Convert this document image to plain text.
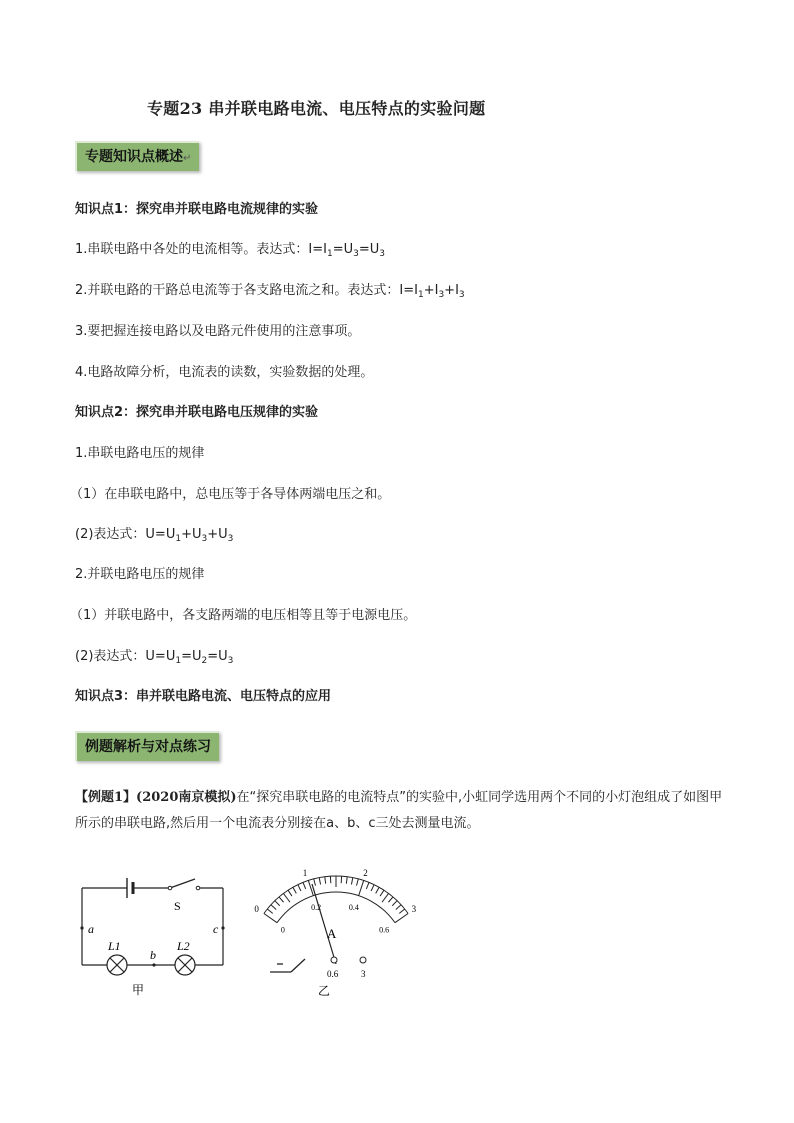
专题23 串并联电路电流、电压特点的实验问题
专题知识点概述↵
知识点1：探究串并联电路电流规律的实验
1.串联电路中各处的电流相等。表达式：$I=I_1=U_3=U_3$
2.并联电路的干路总电流等于各支路电流之和。表达式：$I=I_1+I_3+I_3$
3.要把握连接电路以及电路元件使用的注意事项。
4.电路故障分析，电流表的读数，实验数据的处理。
知识点2：探究串并联电路电压规律的实验
1.串联电路电压的规律
（1）在串联电路中，总电压等于各导体两端电压之和。
(2)表达式：$U=U_1+U_3+U_3$
2.并联电路电压的规律
（1）并联电路中，各支路两端的电压相等且等于电源电压。
(2)表达式：$U=U_1=U_2=U_3$
知识点3：串并联电路电流、电压特点的应用
例题解析与对点练习
【例题1】(2020南京模拟)在“探究串联电路的电流特点”的实验中,小虹同学选用两个不同的小灯泡组成了如图甲所示的串联电路,然后用一个电流表分别接在a、b、c三处去测量电流。
S
a
b
c
L1	L2
甲
0
1	2
3
0
0.2	0.4
0.6
A
0.6	3
乙
